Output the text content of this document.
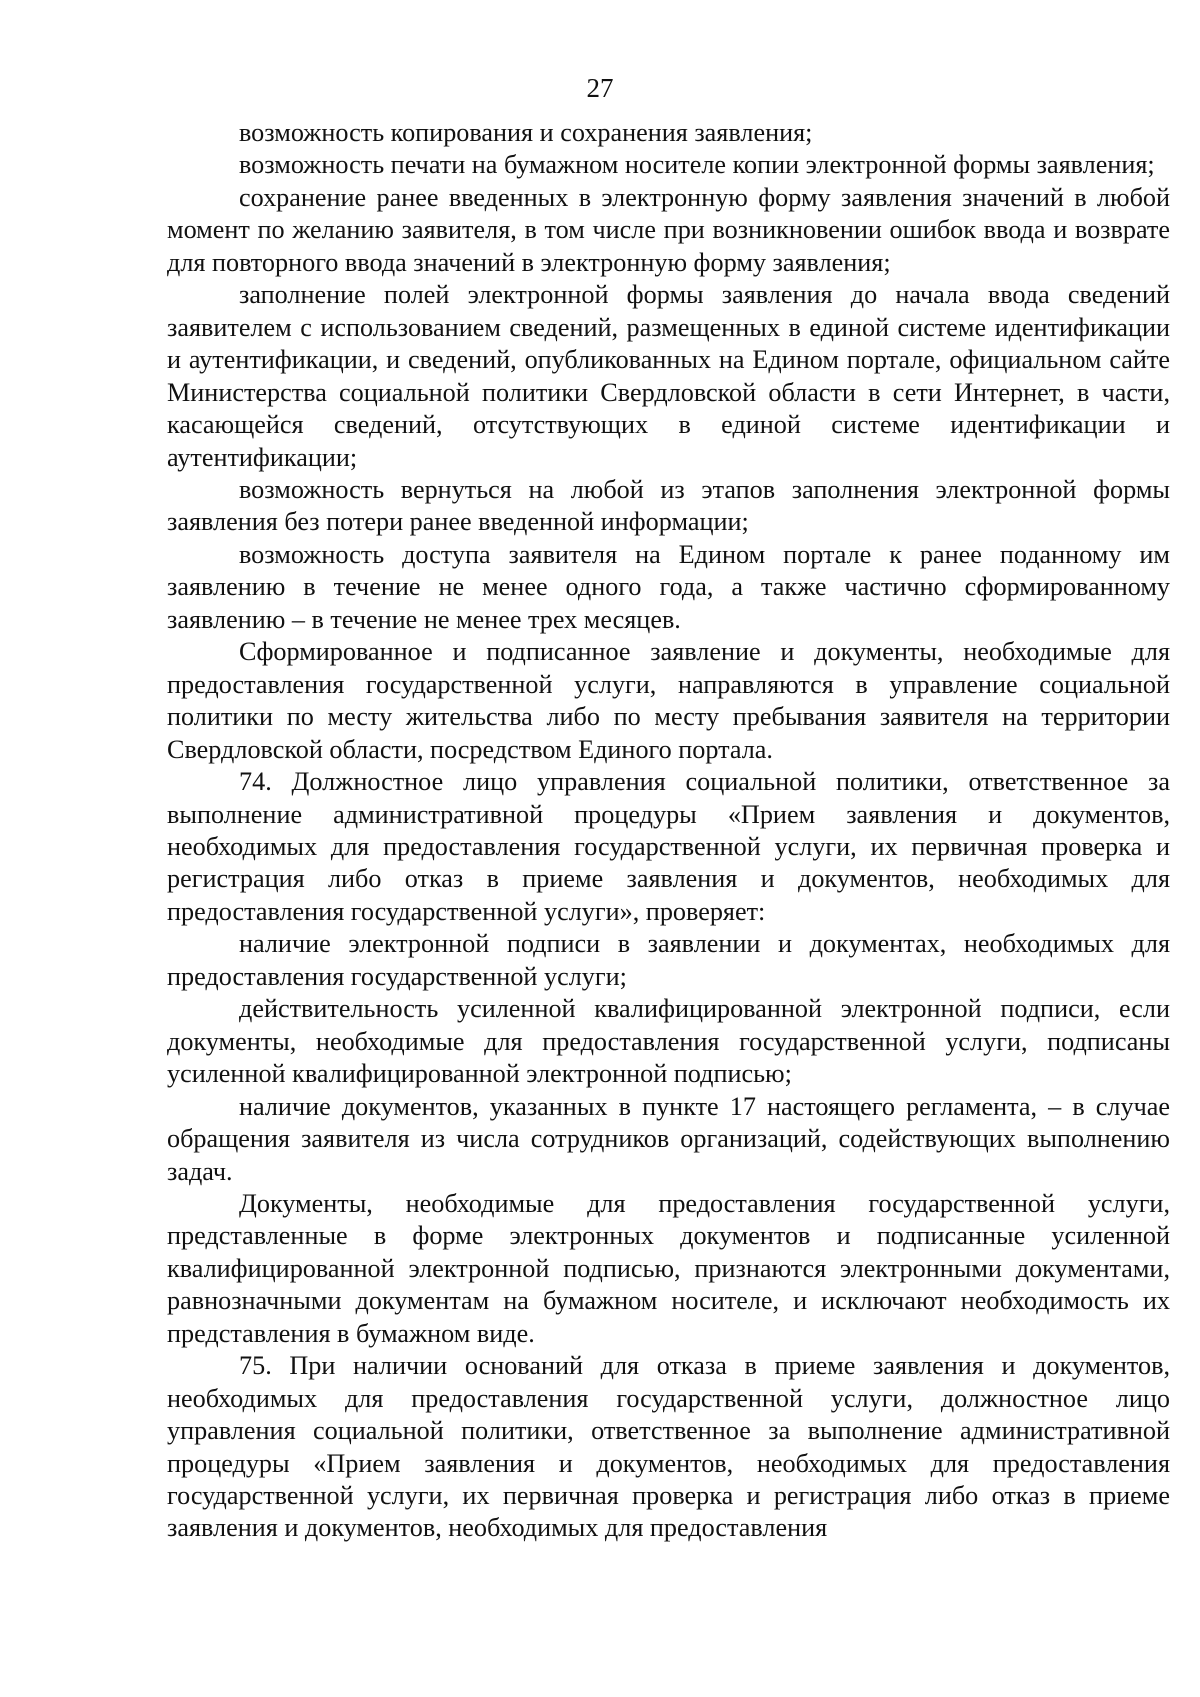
27

возможность копирования и сохранения заявления;

возможность печати на бумажном носителе копии электронной формы заявления;

сохранение ранее введенных в электронную форму заявления значений в любой момент по желанию заявителя, в том числе при возникновении ошибок ввода и возврате для повторного ввода значений в электронную форму заявления;

заполнение полей электронной формы заявления до начала ввода сведений заявителем с использованием сведений, размещенных в единой системе идентификации и аутентификации, и сведений, опубликованных на Едином портале, официальном сайте Министерства социальной политики Свердловской области в сети Интернет, в части, касающейся сведений, отсутствующих в единой системе идентификации и аутентификации;

возможность вернуться на любой из этапов заполнения электронной формы заявления без потери ранее введенной информации;

возможность доступа заявителя на Едином портале к ранее поданному им заявлению в течение не менее одного года, а также частично сформированному заявлению – в течение не менее трех месяцев.

Сформированное и подписанное заявление и документы, необходимые для предоставления государственной услуги, направляются в управление социальной политики по месту жительства либо по месту пребывания заявителя на территории Свердловской области, посредством Единого портала.

74. Должностное лицо управления социальной политики, ответственное за выполнение административной процедуры «Прием заявления и документов, необходимых для предоставления государственной услуги, их первичная проверка и регистрация либо отказ в приеме заявления и документов, необходимых для предоставления государственной услуги», проверяет:

наличие электронной подписи в заявлении и документах, необходимых для предоставления государственной услуги;

действительность усиленной квалифицированной электронной подписи, если документы, необходимые для предоставления государственной услуги, подписаны усиленной квалифицированной электронной подписью;

наличие документов, указанных в пункте 17 настоящего регламента, – в случае обращения заявителя из числа сотрудников организаций, содействующих выполнению задач.

Документы, необходимые для предоставления государственной услуги, представленные в форме электронных документов и подписанные усиленной квалифицированной электронной подписью, признаются электронными документами, равнозначными документам на бумажном носителе, и исключают необходимость их представления в бумажном виде.

75. При наличии оснований для отказа в приеме заявления и документов, необходимых для предоставления государственной услуги, должностное лицо управления социальной политики, ответственное за выполнение административной процедуры «Прием заявления и документов, необходимых для предоставления государственной услуги, их первичная проверка и регистрация либо отказ в приеме заявления и документов, необходимых для предоставления
